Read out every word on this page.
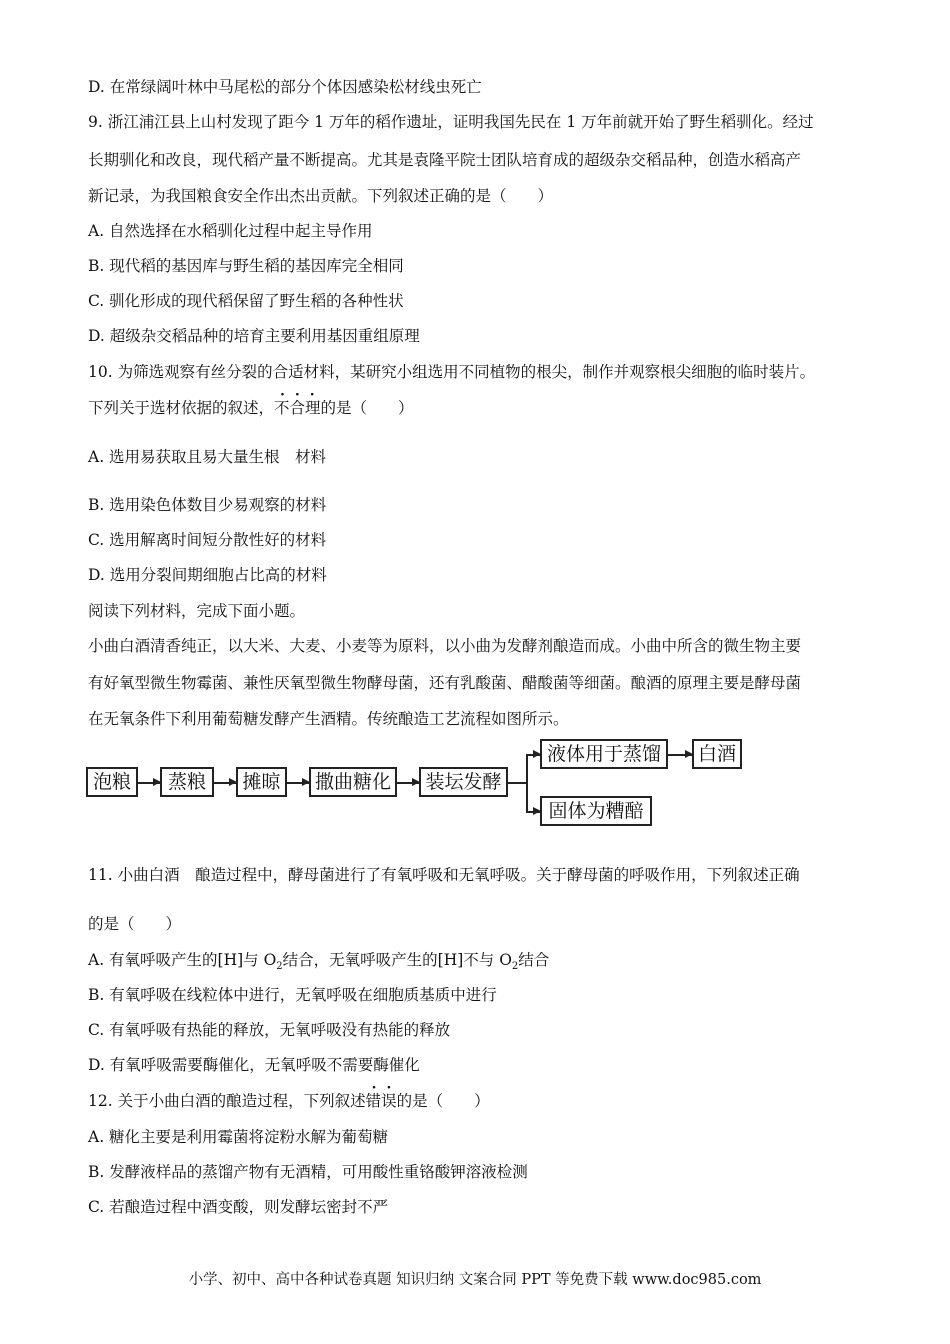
D. 在常绿阔叶林中马尾松的部分个体因感染松材线虫死亡
9. 浙江浦江县上山村发现了距今 1 万年的稻作遗址，证明我国先民在 1 万年前就开始了野生稻驯化。经过
长期驯化和改良，现代稻产量不断提高。尤其是袁隆平院士团队培育成的超级杂交稻品种，创造水稻高产
新记录，为我国粮食安全作出杰出贡献。下列叙述正确的是（　　）
A. 自然选择在水稻驯化过程中起主导作用
B. 现代稻的基因库与野生稻的基因库完全相同
C. 驯化形成的现代稻保留了野生稻的各种性状
D. 超级杂交稻品种的培育主要利用基因重组原理
10. 为筛选观察有丝分裂的合适材料，某研究小组选用不同植物的根尖，制作并观察根尖细胞的临时装片。
下列关于选材依据的叙述，··· 不合理的是（　　）
A. 选用易获取且易大量生根　材料
B. 选用染色体数目少易观察的材料
C. 选用解离时间短分散性好的材料
D. 选用分裂间期细胞占比高的材料
阅读下列材料，完成下面小题。
小曲白酒清香纯正，以大米、大麦、小麦等为原料，以小曲为发酵剂酿造而成。小曲中所含的微生物主要
有好氧型微生物霉菌、兼性厌氧型微生物酵母菌，还有乳酸菌、醋酸菌等细菌。酿酒的原理主要是酵母菌
在无氧条件下利用葡萄糖发酵产生酒精。传统酿造工艺流程如图所示。
泡粮	蒸粮	摊晾	撒曲糖化	装坛发酵
液体用于蒸馏	白酒
固体为糟醅
11. 小曲白酒　酿造过程中，酵母菌进行了有氧呼吸和无氧呼吸。关于酵母菌的呼吸作用，下列叙述正确
的是（　　）
A. 有氧呼吸产生的[H]与 $O_2$结合，无氧呼吸产生的[H]不与 $O_2$结合
B. 有氧呼吸在线粒体中进行，无氧呼吸在细胞质基质中进行
C. 有氧呼吸有热能的释放，无氧呼吸没有热能的释放
D. 有氧呼吸需要酶催化，无氧呼吸不需要酶催化
12. 关于小曲白酒的酿造过程，下列叙述·· 错误的是（　　）
A. 糖化主要是利用霉菌将淀粉水解为葡萄糖
B. 发酵液样品的蒸馏产物有无酒精，可用酸性重铬酸钾溶液检测
C. 若酿造过程中酒变酸，则发酵坛密封不严
小学、初中、高中各种试卷真题 知识归纳 文案合同 PPT 等免费下载 www.doc985.com
